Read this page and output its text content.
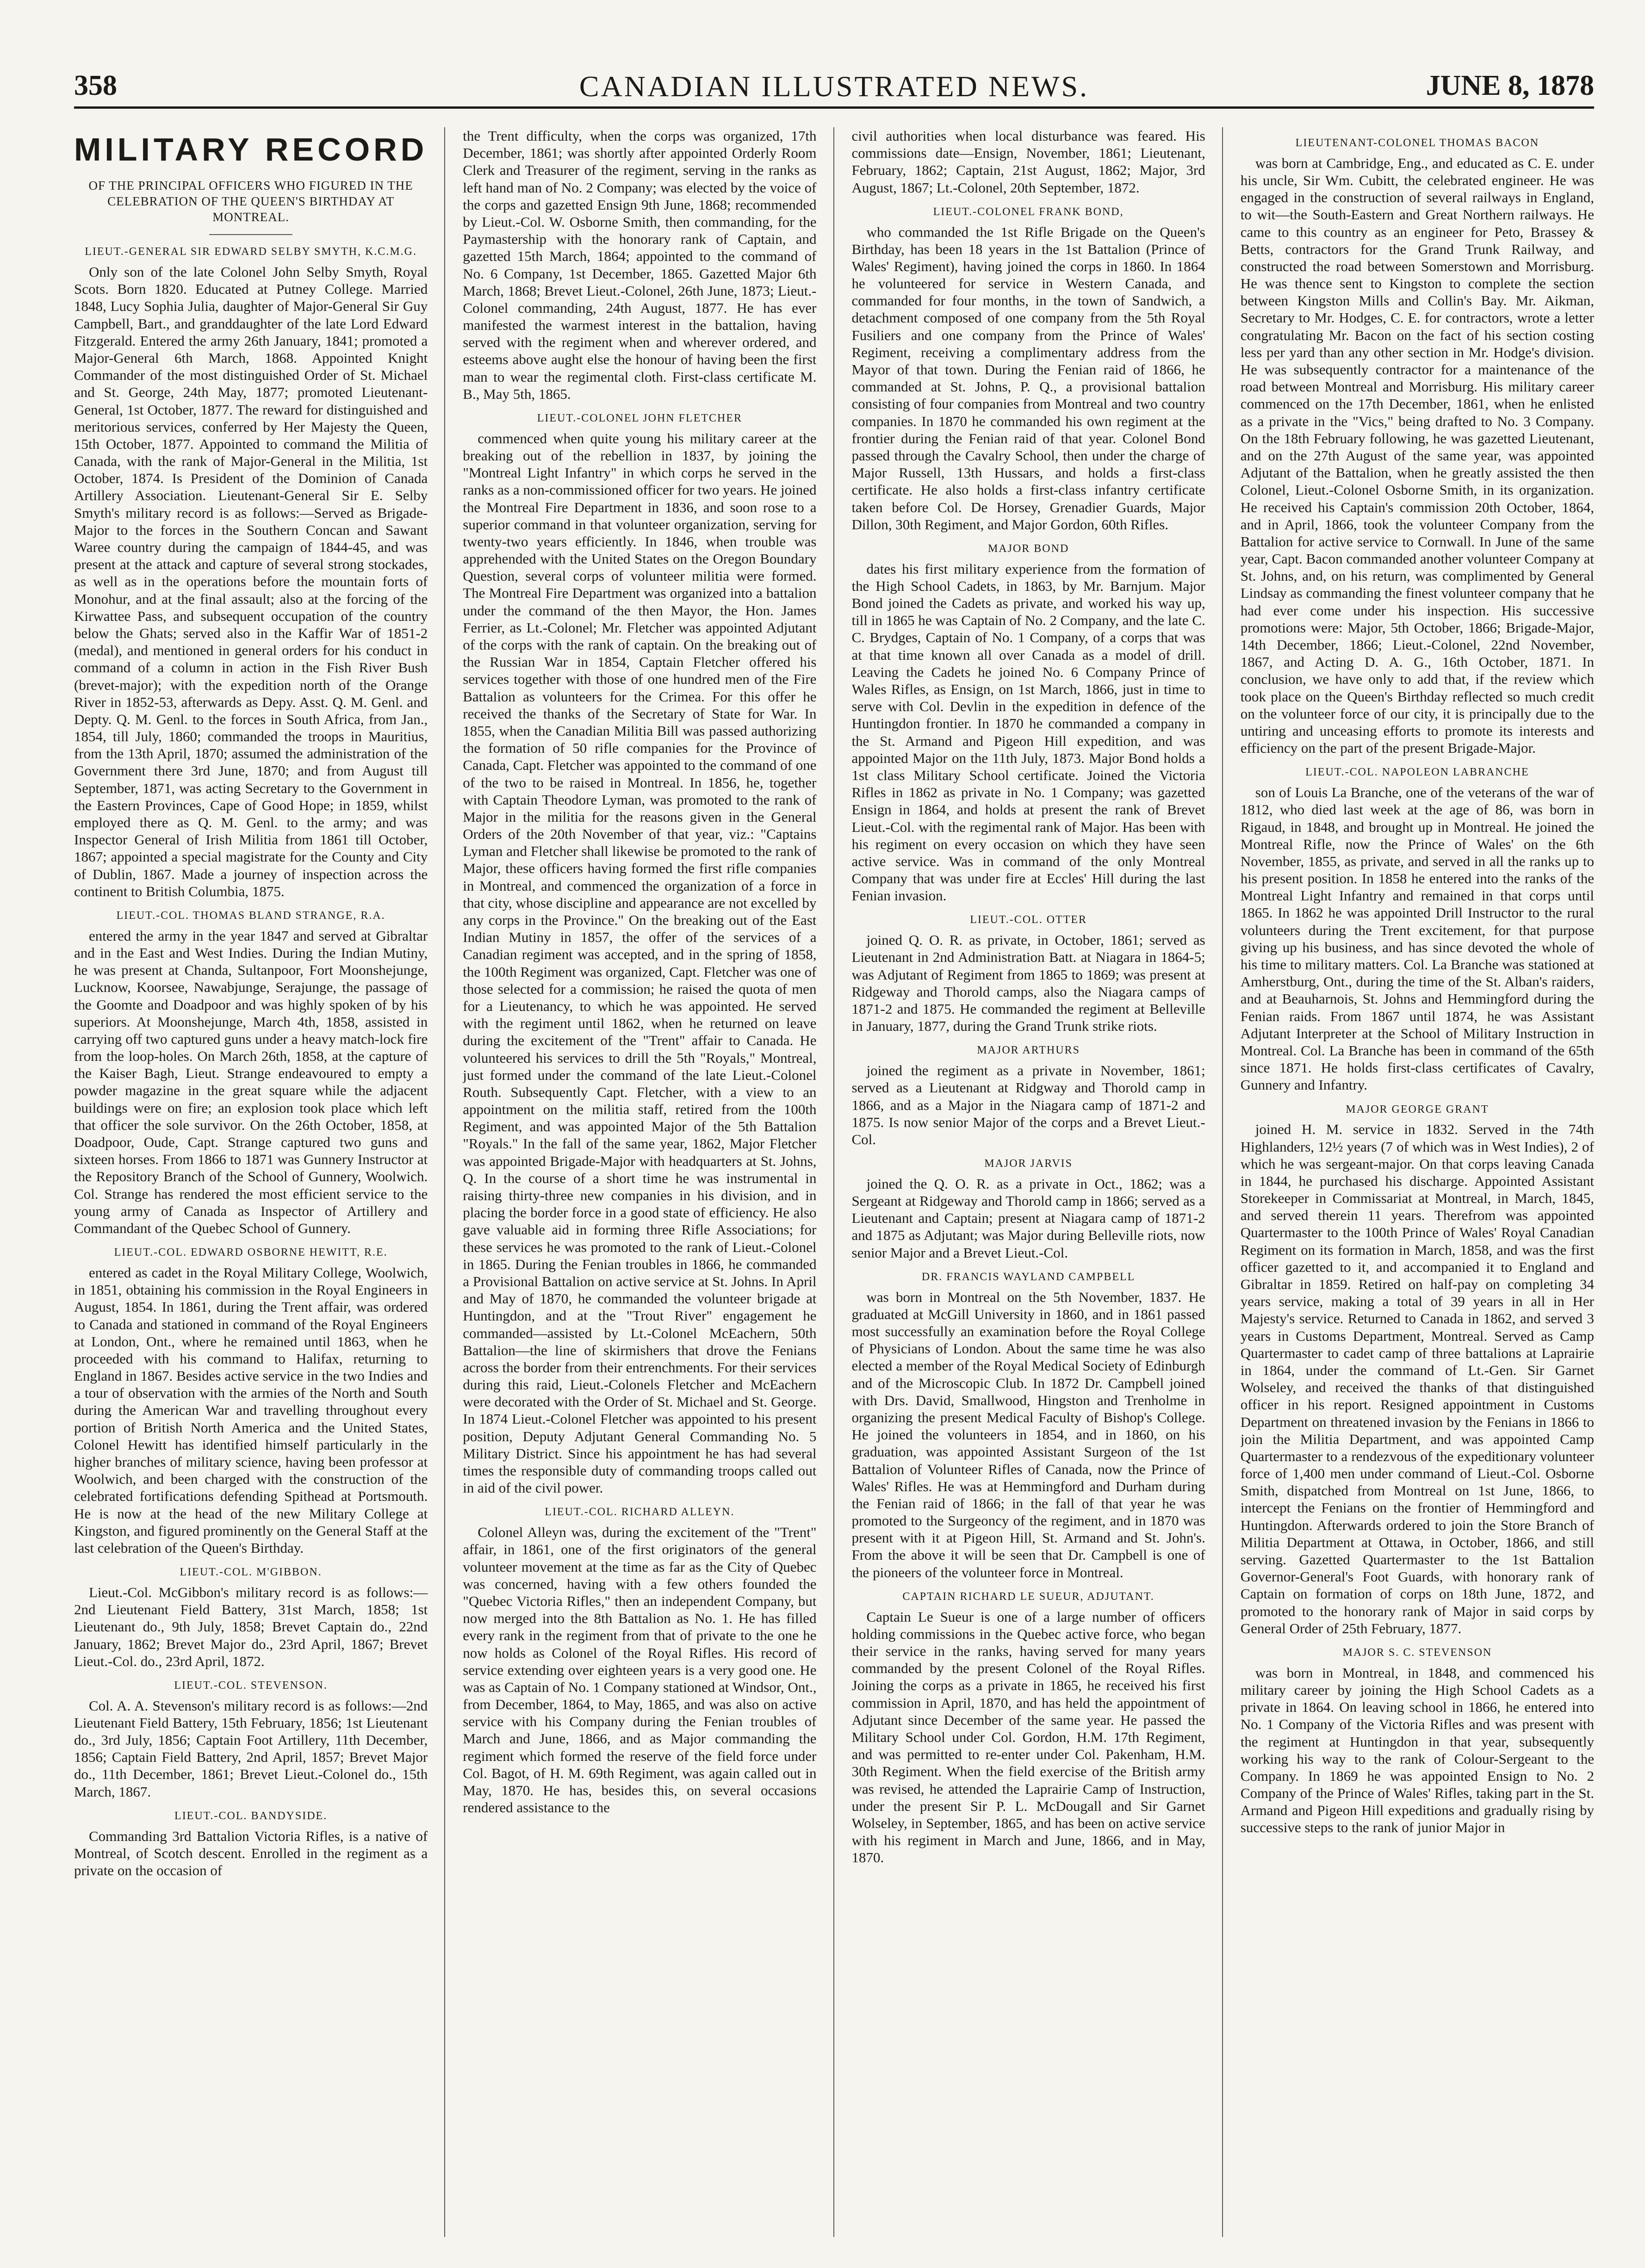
358	CANADIAN ILLUSTRATED NEWS.	JUNE 8, 1878
MILITARY RECORD
OF THE PRINCIPAL OFFICERS WHO FIGURED IN THE CELEBRATION OF THE QUEEN'S BIRTHDAY AT MONTREAL.
LIEUT.-GENERAL SIR EDWARD SELBY SMYTH, K.C.M.G.

Only son of the late Colonel John Selby Smyth, Royal Scots. Born 1820. Educated at Putney College. Married 1848, Lucy Sophia Julia, daughter of Major-General Sir Guy Campbell, Bart., and granddaughter of the late Lord Edward Fitzgerald. Entered the army 26th January, 1841; promoted a Major-General 6th March, 1868. Appointed Knight Commander of the most distinguished Order of St. Michael and St. George, 24th May, 1877; promoted Lieutenant-General, 1st October, 1877. The reward for distinguished and meritorious services, conferred by Her Majesty the Queen, 15th October, 1877. Appointed to command the Militia of Canada, with the rank of Major-General in the Militia, 1st October, 1874. Is President of the Dominion of Canada Artillery Association. Lieutenant-General Sir E. Selby Smyth's military record is as follows:—Served as Brigade-Major to the forces in the Southern Concan and Sawant Waree country during the campaign of 1844-45, and was present at the attack and capture of several strong stockades, as well as in the operations before the mountain forts of Monohur, and at the final assault; also at the forcing of the Kirwattee Pass, and subsequent occupation of the country below the Ghats; served also in the Kaffir War of 1851-2 (medal), and mentioned in general orders for his conduct in command of a column in action in the Fish River Bush (brevet-major); with the expedition north of the Orange River in 1852-53, afterwards as Depy. Asst. Q. M. Genl. and Depty. Q. M. Genl. to the forces in South Africa, from Jan., 1854, till July, 1860; commanded the troops in Mauritius, from the 13th April, 1870; assumed the administration of the Government there 3rd June, 1870; and from August till September, 1871, was acting Secretary to the Government in the Eastern Provinces, Cape of Good Hope; in 1859, whilst employed there as Q. M. Genl. to the army; and was Inspector General of Irish Militia from 1861 till October, 1867; appointed a special magistrate for the County and City of Dublin, 1867. Made a journey of inspection across the continent to British Columbia, 1875.

LIEUT.-COL. THOMAS BLAND STRANGE, R.A.

entered the army in the year 1847 and served at Gibraltar and in the East and West Indies. During the Indian Mutiny, he was present at Chanda, Sultanpoor, Fort Moonshejunge, Lucknow, Koorsee, Nawabjunge, Serajunge, the passage of the Goomte and Doadpoor and was highly spoken of by his superiors. At Moonshejunge, March 4th, 1858, assisted in carrying off two captured guns under a heavy match-lock fire from the loop-holes. On March 26th, 1858, at the capture of the Kaiser Bagh, Lieut. Strange endeavoured to empty a powder magazine in the great square while the adjacent buildings were on fire; an explosion took place which left that officer the sole survivor. On the 26th October, 1858, at Doadpoor, Oude, Capt. Strange captured two guns and sixteen horses. From 1866 to 1871 was Gunnery Instructor at the Repository Branch of the School of Gunnery, Woolwich. Col. Strange has rendered the most efficient service to the young army of Canada as Inspector of Artillery and Commandant of the Quebec School of Gunnery.

LIEUT.-COL. EDWARD OSBORNE HEWITT, R.E.

entered as cadet in the Royal Military College, Woolwich, in 1851, obtaining his commission in the Royal Engineers in August, 1854. In 1861, during the Trent affair, was ordered to Canada and stationed in command of the Royal Engineers at London, Ont., where he remained until 1863, when he proceeded with his command to Halifax, returning to England in 1867. Besides active service in the two Indies and a tour of observation with the armies of the North and South during the American War and travelling throughout every portion of British North America and the United States, Colonel Hewitt has identified himself particularly in the higher branches of military science, having been professor at Woolwich, and been charged with the construction of the celebrated fortifications defending Spithead at Portsmouth. He is now at the head of the new Military College at Kingston, and figured prominently on the General Staff at the last celebration of the Queen's Birthday.

LIEUT.-COL. M'GIBBON.

Lieut.-Col. McGibbon's military record is as follows:—2nd Lieutenant Field Battery, 31st March, 1858; 1st Lieutenant do., 9th July, 1858; Brevet Captain do., 22nd January, 1862; Brevet Major do., 23rd April, 1867; Brevet Lieut.-Col. do., 23rd April, 1872.

LIEUT.-COL. STEVENSON.

Col. A. A. Stevenson's military record is as follows:—2nd Lieutenant Field Battery, 15th February, 1856; 1st Lieutenant do., 3rd July, 1856; Captain Foot Artillery, 11th December, 1856; Captain Field Battery, 2nd April, 1857; Brevet Major do., 11th December, 1861; Brevet Lieut.-Colonel do., 15th March, 1867.

LIEUT.-COL. BANDYSIDE.

Commanding 3rd Battalion Victoria Rifles, is a native of Montreal, of Scotch descent. Enrolled in the regiment as a private on the occasion of

the Trent difficulty, when the corps was organized, 17th December, 1861; was shortly after appointed Orderly Room Clerk and Treasurer of the regiment, serving in the ranks as left hand man of No. 2 Company; was elected by the voice of the corps and gazetted Ensign 9th June, 1868; recommended by Lieut.-Col. W. Osborne Smith, then commanding, for the Paymastership with the honorary rank of Captain, and gazetted 15th March, 1864; appointed to the command of No. 6 Company, 1st December, 1865. Gazetted Major 6th March, 1868; Brevet Lieut.-Colonel, 26th June, 1873; Lieut.-Colonel commanding, 24th August, 1877. He has ever manifested the warmest interest in the battalion, having served with the regiment when and wherever ordered, and esteems above aught else the honour of having been the first man to wear the regimental cloth. First-class certificate M. B., May 5th, 1865.

LIEUT.-COLONEL JOHN FLETCHER

commenced when quite young his military career at the breaking out of the rebellion in 1837, by joining the "Montreal Light Infantry" in which corps he served in the ranks as a non-commissioned officer for two years. He joined the Montreal Fire Department in 1836, and soon rose to a superior command in that volunteer organization, serving for twenty-two years efficiently. In 1846, when trouble was apprehended with the United States on the Oregon Boundary Question, several corps of volunteer militia were formed. The Montreal Fire Department was organized into a battalion under the command of the then Mayor, the Hon. James Ferrier, as Lt.-Colonel; Mr. Fletcher was appointed Adjutant of the corps with the rank of captain. On the breaking out of the Russian War in 1854, Captain Fletcher offered his services together with those of one hundred men of the Fire Battalion as volunteers for the Crimea. For this offer he received the thanks of the Secretary of State for War. In 1855, when the Canadian Militia Bill was passed authorizing the formation of 50 rifle companies for the Province of Canada, Capt. Fletcher was appointed to the command of one of the two to be raised in Montreal. In 1856, he, together with Captain Theodore Lyman, was promoted to the rank of Major in the militia for the reasons given in the General Orders of the 20th November of that year, viz.: "Captains Lyman and Fletcher shall likewise be promoted to the rank of Major, these officers having formed the first rifle companies in Montreal, and commenced the organization of a force in that city, whose discipline and appearance are not excelled by any corps in the Province." On the breaking out of the East Indian Mutiny in 1857, the offer of the services of a Canadian regiment was accepted, and in the spring of 1858, the 100th Regiment was organized, Capt. Fletcher was one of those selected for a commission; he raised the quota of men for a Lieutenancy, to which he was appointed. He served with the regiment until 1862, when he returned on leave during the excitement of the "Trent" affair to Canada. He volunteered his services to drill the 5th "Royals," Montreal, just formed under the command of the late Lieut.-Colonel Routh. Subsequently Capt. Fletcher, with a view to an appointment on the militia staff, retired from the 100th Regiment, and was appointed Major of the 5th Battalion "Royals." In the fall of the same year, 1862, Major Fletcher was appointed Brigade-Major with headquarters at St. Johns, Q. In the course of a short time he was instrumental in raising thirty-three new companies in his division, and in placing the border force in a good state of efficiency. He also gave valuable aid in forming three Rifle Associations; for these services he was promoted to the rank of Lieut.-Colonel in 1865. During the Fenian troubles in 1866, he commanded a Provisional Battalion on active service at St. Johns. In April and May of 1870, he commanded the volunteer brigade at Huntingdon, and at the "Trout River" engagement he commanded—assisted by Lt.-Colonel McEachern, 50th Battalion—the line of skirmishers that drove the Fenians across the border from their entrenchments. For their services during this raid, Lieut.-Colonels Fletcher and McEachern were decorated with the Order of St. Michael and St. George. In 1874 Lieut.-Colonel Fletcher was appointed to his present position, Deputy Adjutant General Commanding No. 5 Military District. Since his appointment he has had several times the responsible duty of commanding troops called out in aid of the civil power.

LIEUT.-COL. RICHARD ALLEYN.

Colonel Alleyn was, during the excitement of the "Trent" affair, in 1861, one of the first originators of the general volunteer movement at the time as far as the City of Quebec was concerned, having with a few others founded the "Quebec Victoria Rifles," then an independent Company, but now merged into the 8th Battalion as No. 1. He has filled every rank in the regiment from that of private to the one he now holds as Colonel of the Royal Rifles. His record of service extending over eighteen years is a very good one. He was as Captain of No. 1 Company stationed at Windsor, Ont., from December, 1864, to May, 1865, and was also on active service with his Company during the Fenian troubles of March and June, 1866, and as Major commanding the regiment which formed the reserve of the field force under Col. Bagot, of H. M. 69th Regiment, was again called out in May, 1870. He has, besides this, on several occasions rendered assistance to the

civil authorities when local disturbance was feared. His commissions date—Ensign, November, 1861; Lieutenant, February, 1862; Captain, 21st August, 1862; Major, 3rd August, 1867; Lt.-Colonel, 20th September, 1872.

LIEUT.-COLONEL FRANK BOND,

who commanded the 1st Rifle Brigade on the Queen's Birthday, has been 18 years in the 1st Battalion (Prince of Wales' Regiment), having joined the corps in 1860. In 1864 he volunteered for service in Western Canada, and commanded for four months, in the town of Sandwich, a detachment composed of one company from the 5th Royal Fusiliers and one company from the Prince of Wales' Regiment, receiving a complimentary address from the Mayor of that town. During the Fenian raid of 1866, he commanded at St. Johns, P. Q., a provisional battalion consisting of four companies from Montreal and two country companies. In 1870 he commanded his own regiment at the frontier during the Fenian raid of that year. Colonel Bond passed through the Cavalry School, then under the charge of Major Russell, 13th Hussars, and holds a first-class certificate. He also holds a first-class infantry certificate taken before Col. De Horsey, Grenadier Guards, Major Dillon, 30th Regiment, and Major Gordon, 60th Rifles.

MAJOR BOND

dates his first military experience from the formation of the High School Cadets, in 1863, by Mr. Barnjum. Major Bond joined the Cadets as private, and worked his way up, till in 1865 he was Captain of No. 2 Company, and the late C. C. Brydges, Captain of No. 1 Company, of a corps that was at that time known all over Canada as a model of drill. Leaving the Cadets he joined No. 6 Company Prince of Wales Rifles, as Ensign, on 1st March, 1866, just in time to serve with Col. Devlin in the expedition in defence of the Huntingdon frontier. In 1870 he commanded a company in the St. Armand and Pigeon Hill expedition, and was appointed Major on the 11th July, 1873. Major Bond holds a 1st class Military School certificate. Joined the Victoria Rifles in 1862 as private in No. 1 Company; was gazetted Ensign in 1864, and holds at present the rank of Brevet Lieut.-Col. with the regimental rank of Major. Has been with his regiment on every occasion on which they have seen active service. Was in command of the only Montreal Company that was under fire at Eccles' Hill during the last Fenian invasion.

LIEUT.-COL. OTTER

joined Q. O. R. as private, in October, 1861; served as Lieutenant in 2nd Administration Batt. at Niagara in 1864-5; was Adjutant of Regiment from 1865 to 1869; was present at Ridgeway and Thorold camps, also the Niagara camps of 1871-2 and 1875. He commanded the regiment at Belleville in January, 1877, during the Grand Trunk strike riots.

MAJOR ARTHURS

joined the regiment as a private in November, 1861; served as a Lieutenant at Ridgway and Thorold camp in 1866, and as a Major in the Niagara camp of 1871-2 and 1875. Is now senior Major of the corps and a Brevet Lieut.-Col.

MAJOR JARVIS

joined the Q. O. R. as a private in Oct., 1862; was a Sergeant at Ridgeway and Thorold camp in 1866; served as a Lieutenant and Captain; present at Niagara camp of 1871-2 and 1875 as Adjutant; was Major during Belleville riots, now senior Major and a Brevet Lieut.-Col.

DR. FRANCIS WAYLAND CAMPBELL

was born in Montreal on the 5th November, 1837. He graduated at McGill University in 1860, and in 1861 passed most successfully an examination before the Royal College of Physicians of London. About the same time he was also elected a member of the Royal Medical Society of Edinburgh and of the Microscopic Club. In 1872 Dr. Campbell joined with Drs. David, Smallwood, Hingston and Trenholme in organizing the present Medical Faculty of Bishop's College. He joined the volunteers in 1854, and in 1860, on his graduation, was appointed Assistant Surgeon of the 1st Battalion of Volunteer Rifles of Canada, now the Prince of Wales' Rifles. He was at Hemmingford and Durham during the Fenian raid of 1866; in the fall of that year he was promoted to the Surgeoncy of the regiment, and in 1870 was present with it at Pigeon Hill, St. Armand and St. John's. From the above it will be seen that Dr. Campbell is one of the pioneers of the volunteer force in Montreal.

CAPTAIN RICHARD LE SUEUR, ADJUTANT.

Captain Le Sueur is one of a large number of officers holding commissions in the Quebec active force, who began their service in the ranks, having served for many years commanded by the present Colonel of the Royal Rifles. Joining the corps as a private in 1865, he received his first commission in April, 1870, and has held the appointment of Adjutant since December of the same year. He passed the Military School under Col. Gordon, H.M. 17th Regiment, and was permitted to re-enter under Col. Pakenham, H.M. 30th Regiment. When the field exercise of the British army was revised, he attended the Laprairie Camp of Instruction, under the present Sir P. L. McDougall and Sir Garnet Wolseley, in September, 1865, and has been on active service with his regiment in March and June, 1866, and in May, 1870.

LIEUTENANT-COLONEL THOMAS BACON

was born at Cambridge, Eng., and educated as C. E. under his uncle, Sir Wm. Cubitt, the celebrated engineer. He was engaged in the construction of several railways in England, to wit—the South-Eastern and Great Northern railways. He came to this country as an engineer for Peto, Brassey & Betts, contractors for the Grand Trunk Railway, and constructed the road between Somerstown and Morrisburg. He was thence sent to Kingston to complete the section between Kingston Mills and Collin's Bay. Mr. Aikman, Secretary to Mr. Hodges, C. E. for contractors, wrote a letter congratulating Mr. Bacon on the fact of his section costing less per yard than any other section in Mr. Hodge's division. He was subsequently contractor for a maintenance of the road between Montreal and Morrisburg. His military career commenced on the 17th December, 1861, when he enlisted as a private in the "Vics," being drafted to No. 3 Company. On the 18th February following, he was gazetted Lieutenant, and on the 27th August of the same year, was appointed Adjutant of the Battalion, when he greatly assisted the then Colonel, Lieut.-Colonel Osborne Smith, in its organization. He received his Captain's commission 20th October, 1864, and in April, 1866, took the volunteer Company from the Battalion for active service to Cornwall. In June of the same year, Capt. Bacon commanded another volunteer Company at St. Johns, and, on his return, was complimented by General Lindsay as commanding the finest volunteer company that he had ever come under his inspection. His successive promotions were: Major, 5th October, 1866; Brigade-Major, 14th December, 1866; Lieut.-Colonel, 22nd November, 1867, and Acting D. A. G., 16th October, 1871. In conclusion, we have only to add that, if the review which took place on the Queen's Birthday reflected so much credit on the volunteer force of our city, it is principally due to the untiring and unceasing efforts to promote its interests and efficiency on the part of the present Brigade-Major.

LIEUT.-COL. NAPOLEON LABRANCHE

son of Louis La Branche, one of the veterans of the war of 1812, who died last week at the age of 86, was born in Rigaud, in 1848, and brought up in Montreal. He joined the Montreal Rifle, now the Prince of Wales' on the 6th November, 1855, as private, and served in all the ranks up to his present position. In 1858 he entered into the ranks of the Montreal Light Infantry and remained in that corps until 1865. In 1862 he was appointed Drill Instructor to the rural volunteers during the Trent excitement, for that purpose giving up his business, and has since devoted the whole of his time to military matters. Col. La Branche was stationed at Amherstburg, Ont., during the time of the St. Alban's raiders, and at Beauharnois, St. Johns and Hemmingford during the Fenian raids. From 1867 until 1874, he was Assistant Adjutant Interpreter at the School of Military Instruction in Montreal. Col. La Branche has been in command of the 65th since 1871. He holds first-class certificates of Cavalry, Gunnery and Infantry.

MAJOR GEORGE GRANT

joined H. M. service in 1832. Served in the 74th Highlanders, 12½ years (7 of which was in West Indies), 2 of which he was sergeant-major. On that corps leaving Canada in 1844, he purchased his discharge. Appointed Assistant Storekeeper in Commissariat at Montreal, in March, 1845, and served therein 11 years. Therefrom was appointed Quartermaster to the 100th Prince of Wales' Royal Canadian Regiment on its formation in March, 1858, and was the first officer gazetted to it, and accompanied it to England and Gibraltar in 1859. Retired on half-pay on completing 34 years service, making a total of 39 years in all in Her Majesty's service. Returned to Canada in 1862, and served 3 years in Customs Department, Montreal. Served as Camp Quartermaster to cadet camp of three battalions at Laprairie in 1864, under the command of Lt.-Gen. Sir Garnet Wolseley, and received the thanks of that distinguished officer in his report. Resigned appointment in Customs Department on threatened invasion by the Fenians in 1866 to join the Militia Department, and was appointed Camp Quartermaster to a rendezvous of the expeditionary volunteer force of 1,400 men under command of Lieut.-Col. Osborne Smith, dispatched from Montreal on 1st June, 1866, to intercept the Fenians on the frontier of Hemmingford and Huntingdon. Afterwards ordered to join the Store Branch of Militia Department at Ottawa, in October, 1866, and still serving. Gazetted Quartermaster to the 1st Battalion Governor-General's Foot Guards, with honorary rank of Captain on formation of corps on 18th June, 1872, and promoted to the honorary rank of Major in said corps by General Order of 25th February, 1877.

MAJOR S. C. STEVENSON

was born in Montreal, in 1848, and commenced his military career by joining the High School Cadets as a private in 1864. On leaving school in 1866, he entered into No. 1 Company of the Victoria Rifles and was present with the regiment at Huntingdon in that year, subsequently working his way to the rank of Colour-Sergeant to the Company. In 1869 he was appointed Ensign to No. 2 Company of the Prince of Wales' Rifles, taking part in the St. Armand and Pigeon Hill expeditions and gradually rising by successive steps to the rank of junior Major in
